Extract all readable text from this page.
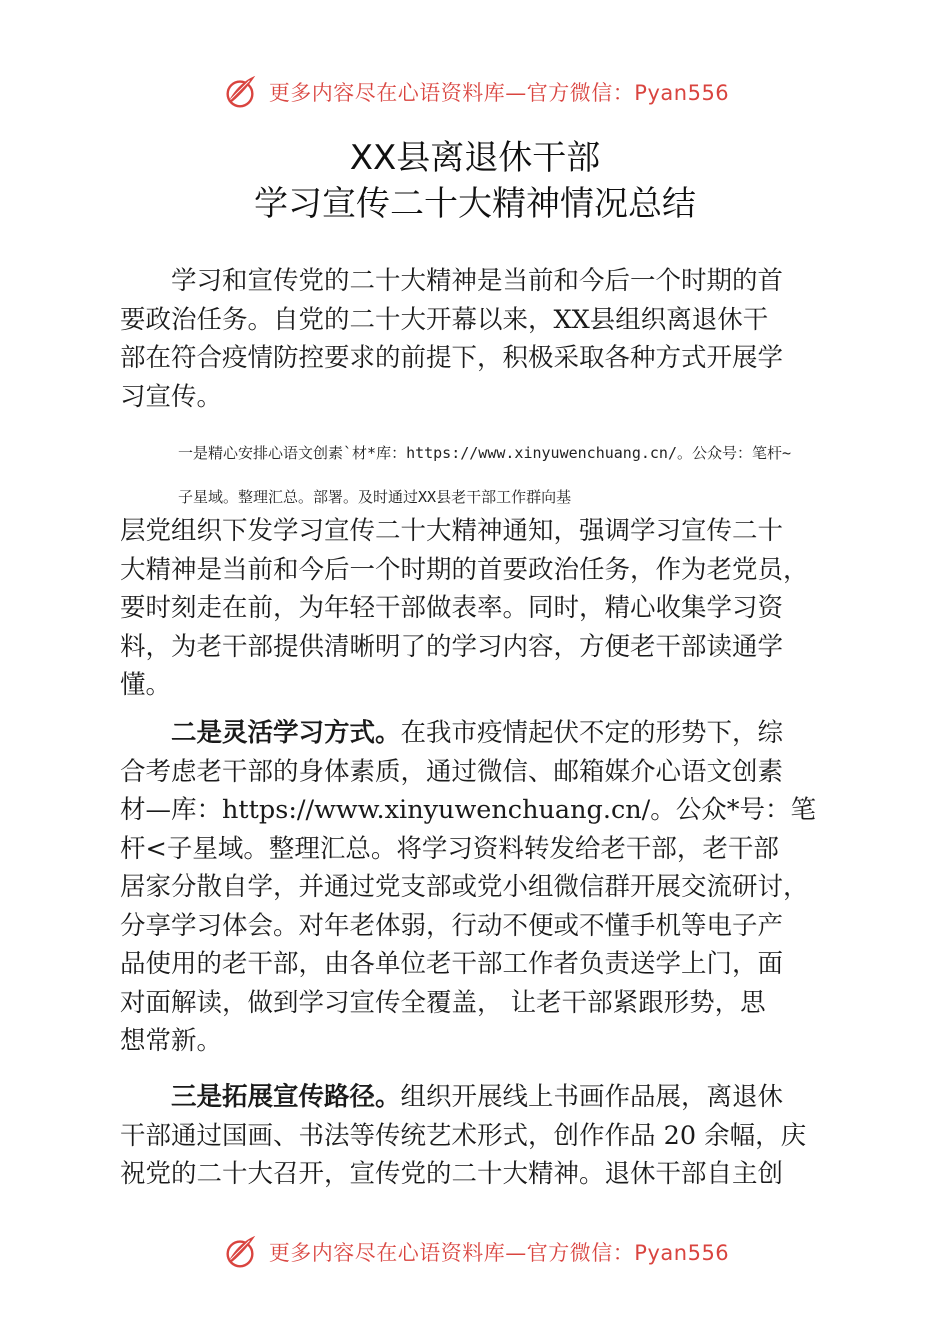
更多内容尽在心语资料库—官方微信：Pyan556
XX县离退休干部
学习宣传二十大精神情况总结
学习和宣传党的二十大精神是当前和今后一个时期的首
要政治任务。自党的二十大开幕以来，XX县组织离退休干
部在符合疫情防控要求的前提下，积极采取各种方式开展学
习宣传。
一是精心安排心语文创素`材*库：https://www.xinyuwenchuang.cn/。公众号：笔杆~
子星域。整理汇总。部署。及时通过XX县老干部工作群向基
层党组织下发学习宣传二十大精神通知，强调学习宣传二十
大精神是当前和今后一个时期的首要政治任务，作为老党员，
要时刻走在前，为年轻干部做表率。同时，精心收集学习资
料，为老干部提供清晰明了的学习内容，方便老干部读通学
懂。
二是灵活学习方式。在我市疫情起伏不定的形势下，综
合考虑老干部的身体素质，通过微信、邮箱媒介心语文创素
材—库：https://www.xinyuwenchuang.cn/。公众*号：笔
杆<子星域。整理汇总。将学习资料转发给老干部，老干部
居家分散自学，并通过党支部或党小组微信群开展交流研讨，
分享学习体会。对年老体弱，行动不便或不懂手机等电子产
品使用的老干部，由各单位老干部工作者负责送学上门，面
对面解读，做到学习宣传全覆盖， 让老干部紧跟形势，思
想常新。
三是拓展宣传路径。组织开展线上书画作品展，离退休
干部通过国画、书法等传统艺术形式，创作作品 20 余幅，庆
祝党的二十大召开，宣传党的二十大精神。退休干部自主创
更多内容尽在心语资料库—官方微信：Pyan556
